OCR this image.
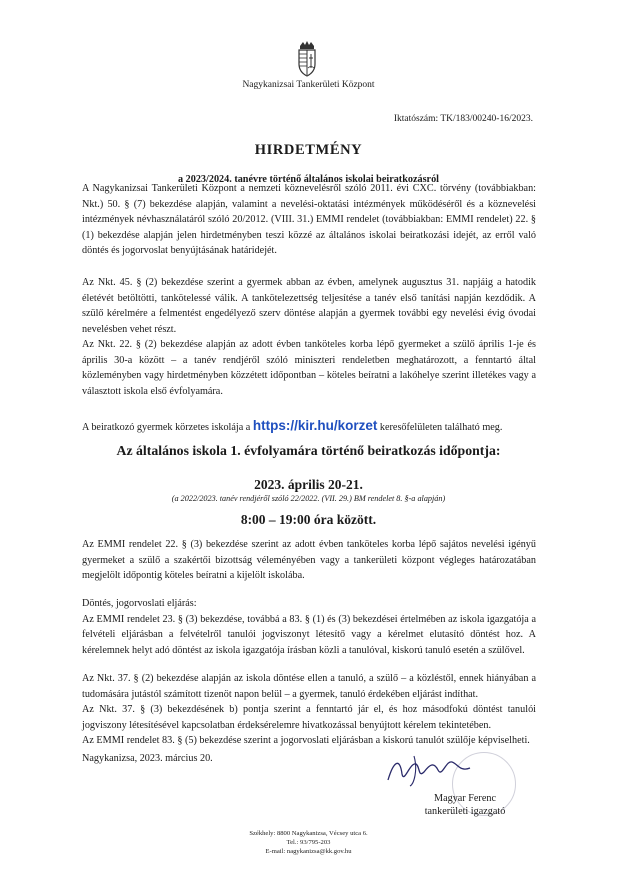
Nagykanizsai Tankerületi Központ
Iktatószám: TK/183/00240-16/2023.
HIRDETMÉNY
a 2023/2024. tanévre történő általános iskolai beiratkozásról

A Nagykanizsai Tankerületi Központ a nemzeti köznevelésről szóló 2011. évi CXC. törvény (továbbiakban: Nkt.) 50. § (7) bekezdése alapján, valamint a nevelési-oktatási intézmények működéséről és a köznevelési intézmények névhasználatáról szóló 20/2012. (VIII. 31.) EMMI rendelet (továbbiakban: EMMI rendelet) 22. § (1) bekezdése alapján jelen hirdetményben teszi közzé az általános iskolai beiratkozási idejét, az erről való döntés és jogorvoslat benyújtásának határidejét.

Az Nkt. 45. § (2) bekezdése szerint a gyermek abban az évben, amelynek augusztus 31. napjáig a hatodik életévét betöltötti, tankötelessé válik. A tankötelezettség teljesítése a tanév első tanítási napján kezdődik. A szülő kérelmére a felmentést engedélyező szerv döntése alapján a gyermek további egy nevelési évig óvodai nevelésben vehet részt.

Az Nkt. 22. § (2) bekezdése alapján az adott évben tanköteles korba lépő gyermeket a szülő április 1-je és április 30-a között – a tanév rendjéről szóló miniszteri rendeletben meghatározott, a fenntartó által közleményben vagy hirdetményben közzétett időpontban – köteles beíratni a lakóhelye szerint illetékes vagy a választott iskola első évfolyamára.

A beiratkozó gyermek körzetes iskolája a https://kir.hu/korzet keresőfelületen található meg.
Az általános iskola 1. évfolyamára történő beiratkozás időpontja:
2023. április 20-21.
(a 2022/2023. tanév rendjéről szóló 22/2022. (VII. 29.) BM rendelet 8. §-a alapján)
8:00 – 19:00 óra között.

Az EMMI rendelet 22. § (3) bekezdése szerint az adott évben tanköteles korba lépő sajátos nevelési igényű gyermeket a szülő a szakértői bizottság véleményében vagy a tankerületi központ végleges határozatában megjelölt időpontig köteles beíratni a kijelölt iskolába.

Döntés, jogorvoslati eljárás:

Az EMMI rendelet 23. § (3) bekezdése, továbbá a 83. § (1) és (3) bekezdései értelmében az iskola igazgatója a felvételi eljárásban a felvételről tanulói jogviszonyt létesítő vagy a kérelmet elutasító döntést hoz. A kérelemnek helyt adó döntést az iskola igazgatója írásban közli a tanulóval, kiskorú tanuló esetén a szülővel.

Az Nkt. 37. § (2) bekezdése alapján az iskola döntése ellen a tanuló, a szülő – a közléstől, ennek hiányában a tudomására jutástól számított tizenöt napon belül – a gyermek, tanuló érdekében eljárást indíthat.

Az Nkt. 37. § (3) bekezdésének b) pontja szerint a fenntartó jár el, és hoz másodfokú döntést tanulói jogviszony létesítésével kapcsolatban érdeksérelemre hivatkozással benyújtott kérelem tekintetében.

Az EMMI rendelet 83. § (5) bekezdése szerint a jogorvoslati eljárásban a kiskorú tanulót szülője képviselheti.

Nagykanizsa, 2023. március 20.

Magyar Ferenc
tankerületi igazgató
Székhely: 8800 Nagykanizsa, Vécsey utca 6.
Tel.: 93/795-203
E-mail: nagykanizsa@kk.gov.hu
